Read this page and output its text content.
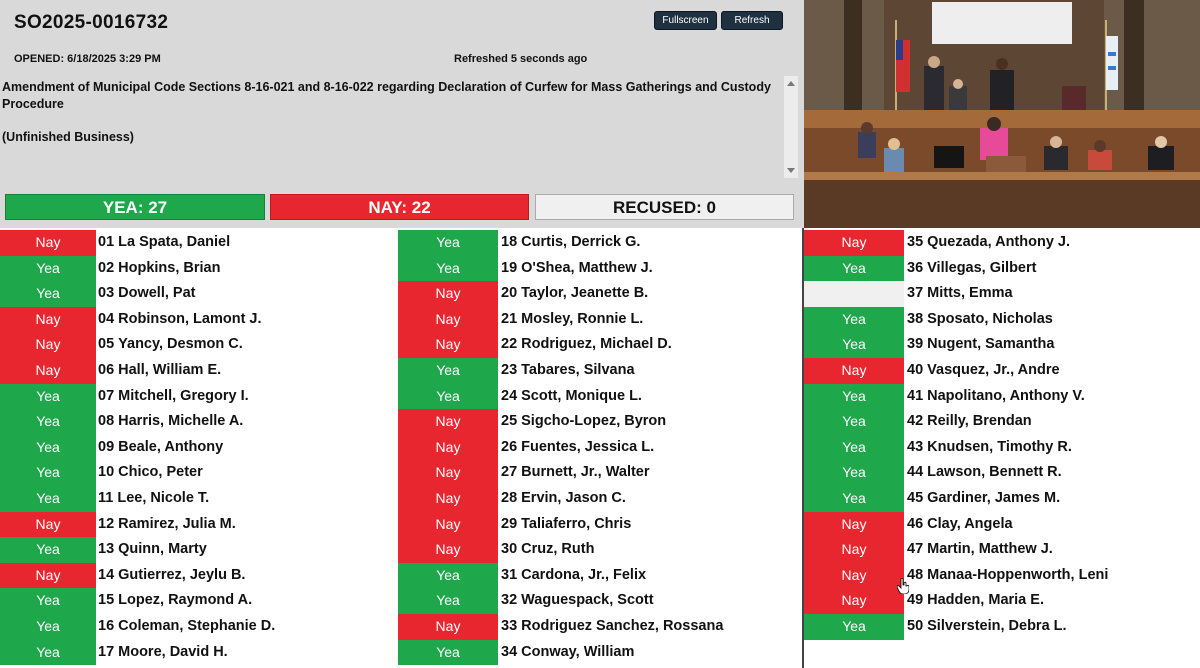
SO2025-0016732	Fullscreen	Refresh
OPENED: 6/18/2025 3:29 PM	Refreshed 5 seconds ago
Amendment of Municipal Code Sections 8-16-021 and 8-16-022 regarding Declaration of Curfew for Mass Gatherings and Custody Procedure
(Unfinished Business)
YEA: 27	NAY: 22	RECUSED: 0
Nay	01 La Spata, Daniel
Yea	02 Hopkins, Brian
Yea	03 Dowell, Pat
Nay	04 Robinson, Lamont J.
Nay	05 Yancy, Desmon C.
Nay	06 Hall, William E.
Yea	07 Mitchell, Gregory I.
Yea	08 Harris, Michelle A.
Yea	09 Beale, Anthony
Yea	10 Chico, Peter
Yea	11 Lee, Nicole T.
Nay	12 Ramirez, Julia M.
Yea	13 Quinn, Marty
Nay	14 Gutierrez, Jeylu B.
Yea	15 Lopez, Raymond A.
Yea	16 Coleman, Stephanie D.
Yea	17 Moore, David H.
Yea	18 Curtis, Derrick G.
Yea	19 O'Shea, Matthew J.
Nay	20 Taylor, Jeanette B.
Nay	21 Mosley, Ronnie L.
Nay	22 Rodriguez, Michael D.
Yea	23 Tabares, Silvana
Yea	24 Scott, Monique L.
Nay	25 Sigcho-Lopez, Byron
Nay	26 Fuentes, Jessica L.
Nay	27 Burnett, Jr., Walter
Nay	28 Ervin, Jason C.
Nay	29 Taliaferro, Chris
Nay	30 Cruz, Ruth
Yea	31 Cardona, Jr., Felix
Yea	32 Waguespack, Scott
Nay	33 Rodriguez Sanchez, Rossana
Yea	34 Conway, William
Nay	35 Quezada, Anthony J.
Yea	36 Villegas, Gilbert
37 Mitts, Emma
Yea	38 Sposato, Nicholas
Yea	39 Nugent, Samantha
Nay	40 Vasquez, Jr., Andre
Yea	41 Napolitano, Anthony V.
Yea	42 Reilly, Brendan
Yea	43 Knudsen, Timothy R.
Yea	44 Lawson, Bennett R.
Yea	45 Gardiner, James M.
Nay	46 Clay, Angela
Nay	47 Martin, Matthew J.
Nay	48 Manaa-Hoppenworth, Leni
Nay	49 Hadden, Maria E.
Yea	50 Silverstein, Debra L.
